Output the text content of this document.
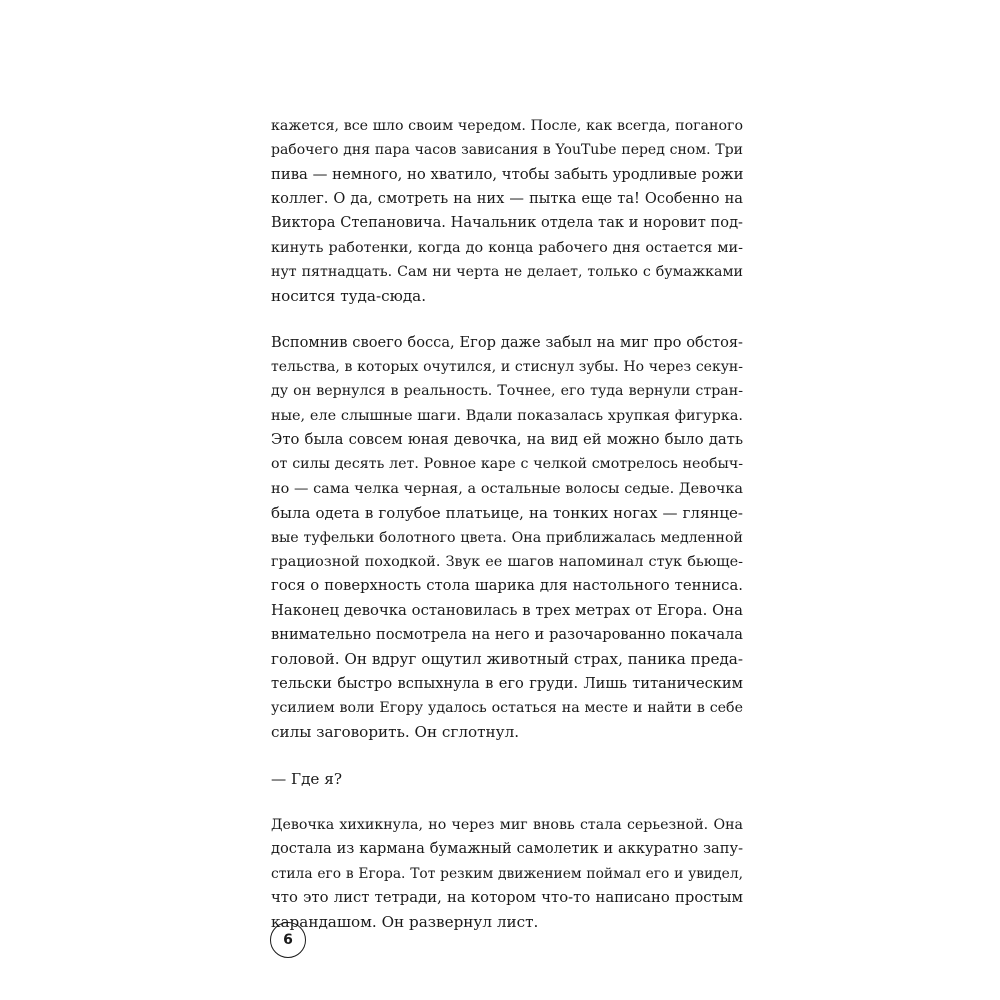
кажется, все шло своим чередом. После, как всегда, поганого
рабочего дня пара часов зависания в YouTube перед сном. Три
пива — немного, но хватило, чтобы забыть уродливые рожи
коллег. О да, смотреть на них — пытка еще та! Особенно на
Виктора Степановича. Начальник отдела так и норовит под-
кинуть работенки, когда до конца рабочего дня остается ми-
нут пятнадцать. Сам ни черта не делает, только с бумажками
носится туда-сюда.
Вспомнив своего босса, Егор даже забыл на миг про обстоя-
тельства, в которых очутился, и стиснул зубы. Но через секун-
ду он вернулся в реальность. Точнее, его туда вернули стран-
ные, еле слышные шаги. Вдали показалась хрупкая фигурка.
Это была совсем юная девочка, на вид ей можно было дать
от силы десять лет. Ровное каре с челкой смотрелось необыч-
но — сама челка черная, а остальные волосы седые. Девочка
была одета в голубое платьице, на тонких ногах — глянце-
вые туфельки болотного цвета. Она приближалась медленной
грациозной походкой. Звук ее шагов напоминал стук бьюще-
гося о поверхность стола шарика для настольного тенниса.
Наконец девочка остановилась в трех метрах от Егора. Она
внимательно посмотрела на него и разочарованно покачала
головой. Он вдруг ощутил животный страх, паника преда-
тельски быстро вспыхнула в его груди. Лишь титаническим
усилием воли Егору удалось остаться на месте и найти в себе
силы заговорить. Он сглотнул.
— Где я?
Девочка хихикнула, но через миг вновь стала серьезной. Она
достала из кармана бумажный самолетик и аккуратно запу-
стила его в Егора. Тот резким движением поймал его и увидел,
что это лист тетради, на котором что-то написано простым
карандашом. Он развернул лист.
6
